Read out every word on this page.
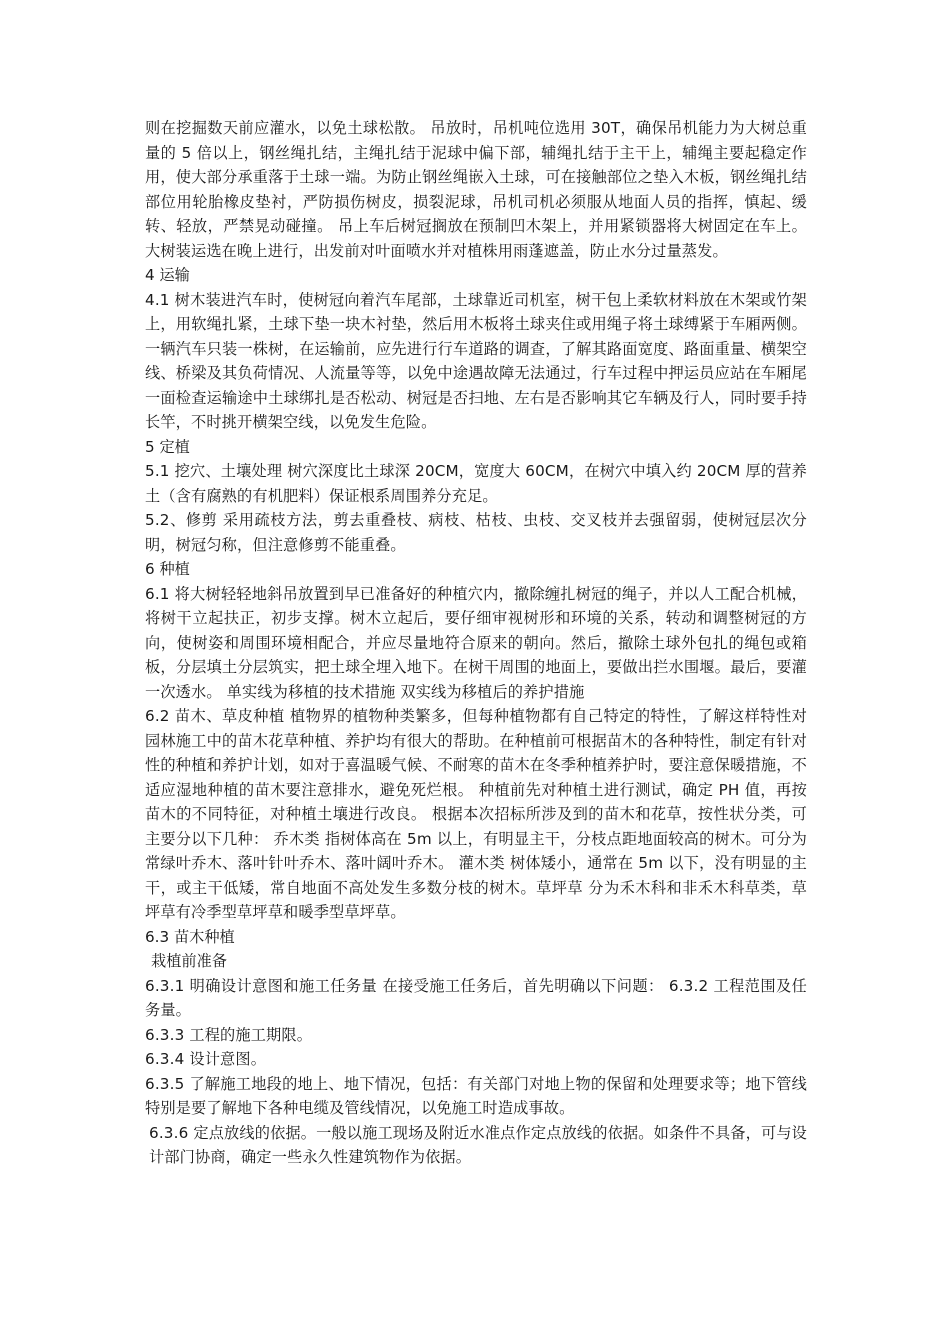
则在挖掘数天前应灌水，以免土球松散。 吊放时，吊机吨位选用 30T，确保吊机能力为大树总重量的 5 倍以上，钢丝绳扎结，主绳扎结于泥球中偏下部，辅绳扎结于主干上，辅绳主要起稳定作用，使大部分承重落于土球一端。为防止钢丝绳嵌入土球，可在接触部位之垫入木板，钢丝绳扎结部位用轮胎橡皮垫衬，严防损伤树皮，损裂泥球，吊机司机必须服从地面人员的指挥，慎起、缓转、轻放，严禁晃动碰撞。 吊上车后树冠搁放在预制凹木架上，并用紧锁器将大树固定在车上。大树装运选在晚上进行，出发前对叶面喷水并对植株用雨蓬遮盖，防止水分过量蒸发。

4 运输

4.1 树木装进汽车时，使树冠向着汽车尾部，土球靠近司机室，树干包上柔软材料放在木架或竹架上，用软绳扎紧，土球下垫一块木衬垫，然后用木板将土球夹住或用绳子将土球缚紧于车厢两侧。一辆汽车只装一株树，在运输前，应先进行行车道路的调查，了解其路面宽度、路面重量、横架空线、桥梁及其负荷情况、人流量等等，以免中途遇故障无法通过，行车过程中押运员应站在车厢尾一面检查运输途中土球绑扎是否松动、树冠是否扫地、左右是否影响其它车辆及行人，同时要手持长竿，不时挑开横架空线，以免发生危险。

5 定植

5.1 挖穴、土壤处理 树穴深度比土球深 20CM，宽度大 60CM，在树穴中填入约 20CM 厚的营养土（含有腐熟的有机肥料）保证根系周围养分充足。

5.2、修剪 采用疏枝方法，剪去重叠枝、病枝、枯枝、虫枝、交叉枝并去强留弱，使树冠层次分明，树冠匀称，但注意修剪不能重叠。

6 种植

6.1 将大树轻轻地斜吊放置到早已准备好的种植穴内，撤除缠扎树冠的绳子，并以人工配合机械，将树干立起扶正，初步支撑。树木立起后，要仔细审视树形和环境的关系，转动和调整树冠的方向，使树姿和周围环境相配合，并应尽量地符合原来的朝向。然后，撤除土球外包扎的绳包或箱板，分层填土分层筑实，把土球全埋入地下。在树干周围的地面上，要做出拦水围堰。最后，要灌一次透水。 单实线为移植的技术措施 双实线为移植后的养护措施

6.2 苗木、草皮种植 植物界的植物种类繁多，但每种植物都有自己特定的特性，了解这样特性对园林施工中的苗木花草种植、养护均有很大的帮助。在种植前可根据苗木的各种特性，制定有针对性的种植和养护计划，如对于喜温暖气候、不耐寒的苗木在冬季种植养护时，要注意保暖措施，不适应湿地种植的苗木要注意排水，避免死烂根。 种植前先对种植土进行测试，确定 PH 值，再按苗木的不同特征，对种植土壤进行改良。 根据本次招标所涉及到的苗木和花草，按性状分类，可主要分以下几种： 乔木类 指树体高在 5m 以上，有明显主干，分枝点距地面较高的树木。可分为常绿叶乔木、落叶针叶乔木、落叶阔叶乔木。 灌木类 树体矮小，通常在 5m 以下，没有明显的主干，或主干低矮，常自地面不高处发生多数分枝的树木。草坪草 分为禾木科和非禾木科草类，草坪草有冷季型草坪草和暖季型草坪草。

6.3 苗木种植

栽植前准备

6.3.1 明确设计意图和施工任务量 在接受施工任务后，首先明确以下问题： 6.3.2 工程范围及任务量。

6.3.3 工程的施工期限。

6.3.4 设计意图。

6.3.5 了解施工地段的地上、地下情况，包括：有关部门对地上物的保留和处理要求等；地下管线特别是要了解地下各种电缆及管线情况，以免施工时造成事故。

6.3.6 定点放线的依据。一般以施工现场及附近水准点作定点放线的依据。如条件不具备，可与设计部门协商，确定一些永久性建筑物作为依据。
